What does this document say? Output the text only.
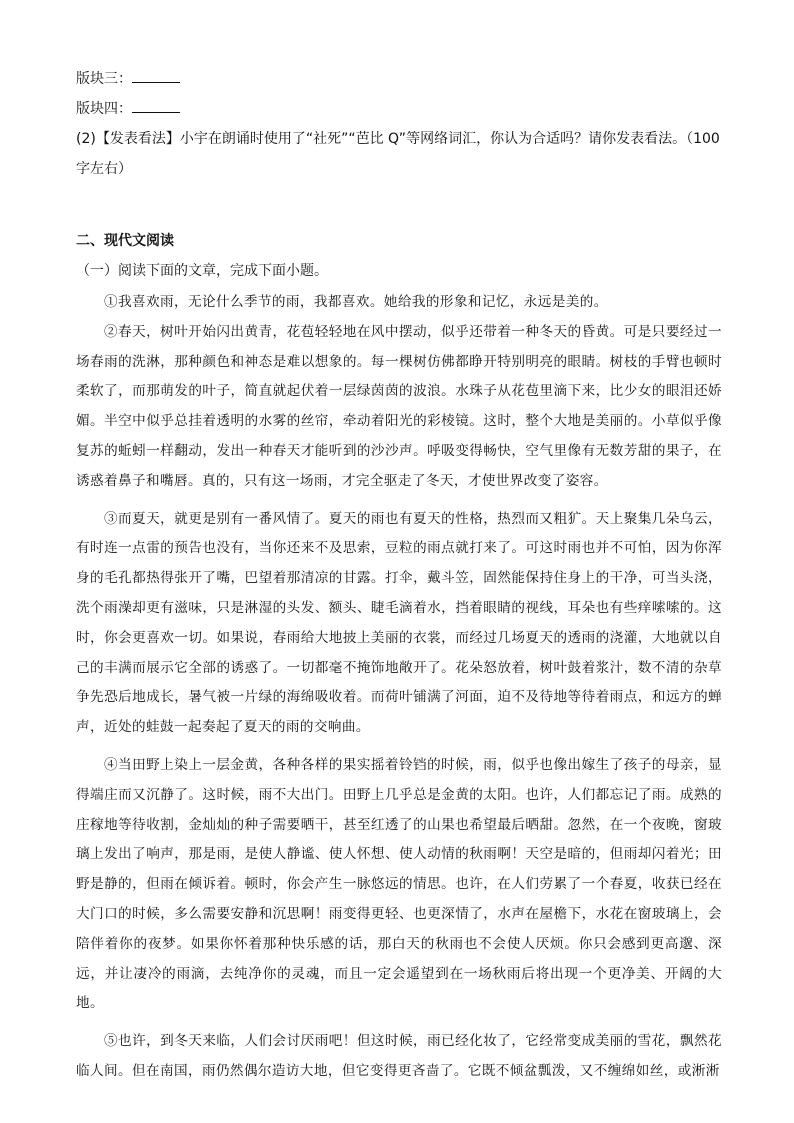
版块三：
版块四：
(2)【发表看法】小宇在朗诵时使用了“社死”“芭比 Q”等网络词汇，你认为合适吗？请你发表看法。（100字左右）
二、现代文阅读
（一）阅读下面的文章，完成下面小题。

①我喜欢雨，无论什么季节的雨，我都喜欢。她给我的形象和记忆，永远是美的。

②春天，树叶开始闪出黄青，花苞轻轻地在风中摆动，似乎还带着一种冬天的昏黄。可是只要经过一场春雨的洗淋，那种颜色和神态是难以想象的。每一棵树仿佛都睁开特别明亮的眼睛。树枝的手臂也顿时柔软了，而那萌发的叶子，简直就起伏着一层绿茵茵的波浪。水珠子从花苞里滴下来，比少女的眼泪还娇媚。半空中似乎总挂着透明的水雾的丝帘，牵动着阳光的彩棱镜。这时，整个大地是美丽的。小草似乎像复苏的蚯蚓一样翻动，发出一种春天才能听到的沙沙声。呼吸变得畅快，空气里像有无数芳甜的果子，在诱惑着鼻子和嘴唇。真的，只有这一场雨，才完全驱走了冬天，才使世界改变了姿容。

③而夏天，就更是别有一番风情了。夏天的雨也有夏天的性格，热烈而又粗犷。天上聚集几朵乌云，有时连一点雷的预告也没有，当你还来不及思索，豆粒的雨点就打来了。可这时雨也并不可怕，因为你浑身的毛孔都热得张开了嘴，巴望着那清凉的甘露。打伞，戴斗笠，固然能保持住身上的干净，可当头浇，洗个雨澡却更有滋味，只是淋湿的头发、额头、睫毛滴着水，挡着眼睛的视线，耳朵也有些痒嗦嗦的。这时，你会更喜欢一切。如果说，春雨给大地披上美丽的衣裳，而经过几场夏天的透雨的浇灌，大地就以自己的丰满而展示它全部的诱惑了。一切都毫不掩饰地敞开了。花朵怒放着，树叶鼓着浆汁，数不清的杂草争先恐后地成长，暑气被一片绿的海绵吸收着。而荷叶铺满了河面，迫不及待地等待着雨点，和远方的蝉声，近处的蛙鼓一起奏起了夏天的雨的交响曲。

④当田野上染上一层金黄，各种各样的果实摇着铃铛的时候，雨，似乎也像出嫁生了孩子的母亲，显得端庄而又沉静了。这时候，雨不大出门。田野上几乎总是金黄的太阳。也许，人们都忘记了雨。成熟的庄稼地等待收割，金灿灿的种子需要晒干，甚至红透了的山果也希望最后晒甜。忽然，在一个夜晚，窗玻璃上发出了响声，那是雨，是使人静谧、使人怀想、使人动情的秋雨啊！天空是暗的，但雨却闪着光；田野是静的，但雨在倾诉着。顿时，你会产生一脉悠远的情思。也许，在人们劳累了一个春夏，收获已经在大门口的时候，多么需要安静和沉思啊！雨变得更轻、也更深情了，水声在屋檐下，水花在窗玻璃上，会陪伴着你的夜梦。如果你怀着那种快乐感的话，那白天的秋雨也不会使人厌烦。你只会感到更高邈、深远，并让凄冷的雨滴，去纯净你的灵魂，而且一定会遥望到在一场秋雨后将出现一个更净美、开阔的大地。

⑤也许，到冬天来临，人们会讨厌雨吧！但这时候，雨已经化妆了，它经常变成美丽的雪花，飘然花临人间。但在南国，雨仍然偶尔造访大地，但它变得更吝啬了。它既不倾盆瓢泼，又不缠绵如丝，或淅淅
